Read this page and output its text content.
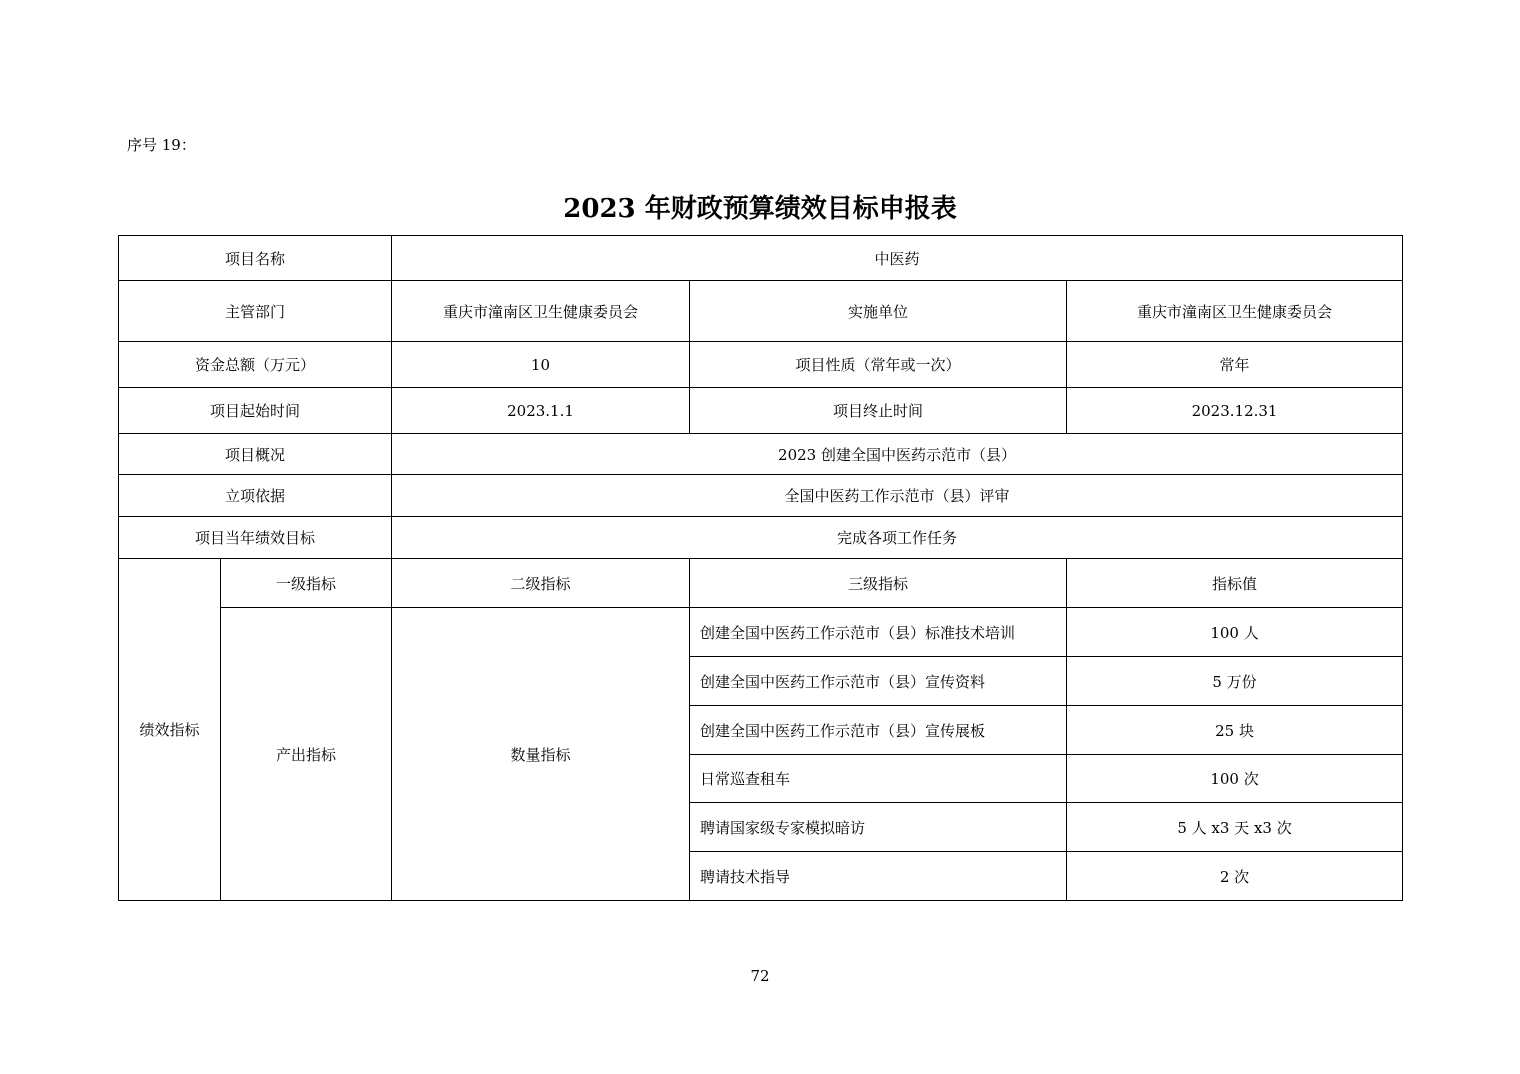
序号 19：
2023 年财政预算绩效目标申报表
项目名称		中医药		
主管部门		重庆市潼南区卫生健康委员会	实施单位	重庆市潼南区卫生健康委员会
资金总额（万元）		10	项目性质（常年或一次）	常年
项目起始时间		2023.1.1	项目终止时间	2023.12.31
项目概况		2023 创建全国中医药示范市（县）		
立项依据		全国中医药工作示范市（县）评审		
项目当年绩效目标		完成各项工作任务		
绩效指标	一级指标	二级指标	三级指标	指标值
	产出指标	数量指标	创建全国中医药工作示范市（县）标准技术培训	100 人
			创建全国中医药工作示范市（县）宣传资料	5 万份
			创建全国中医药工作示范市（县）宣传展板	25 块
			日常巡查租车	100 次
			聘请国家级专家模拟暗访	5 人 x3 天 x3 次
			聘请技术指导	2 次
72
